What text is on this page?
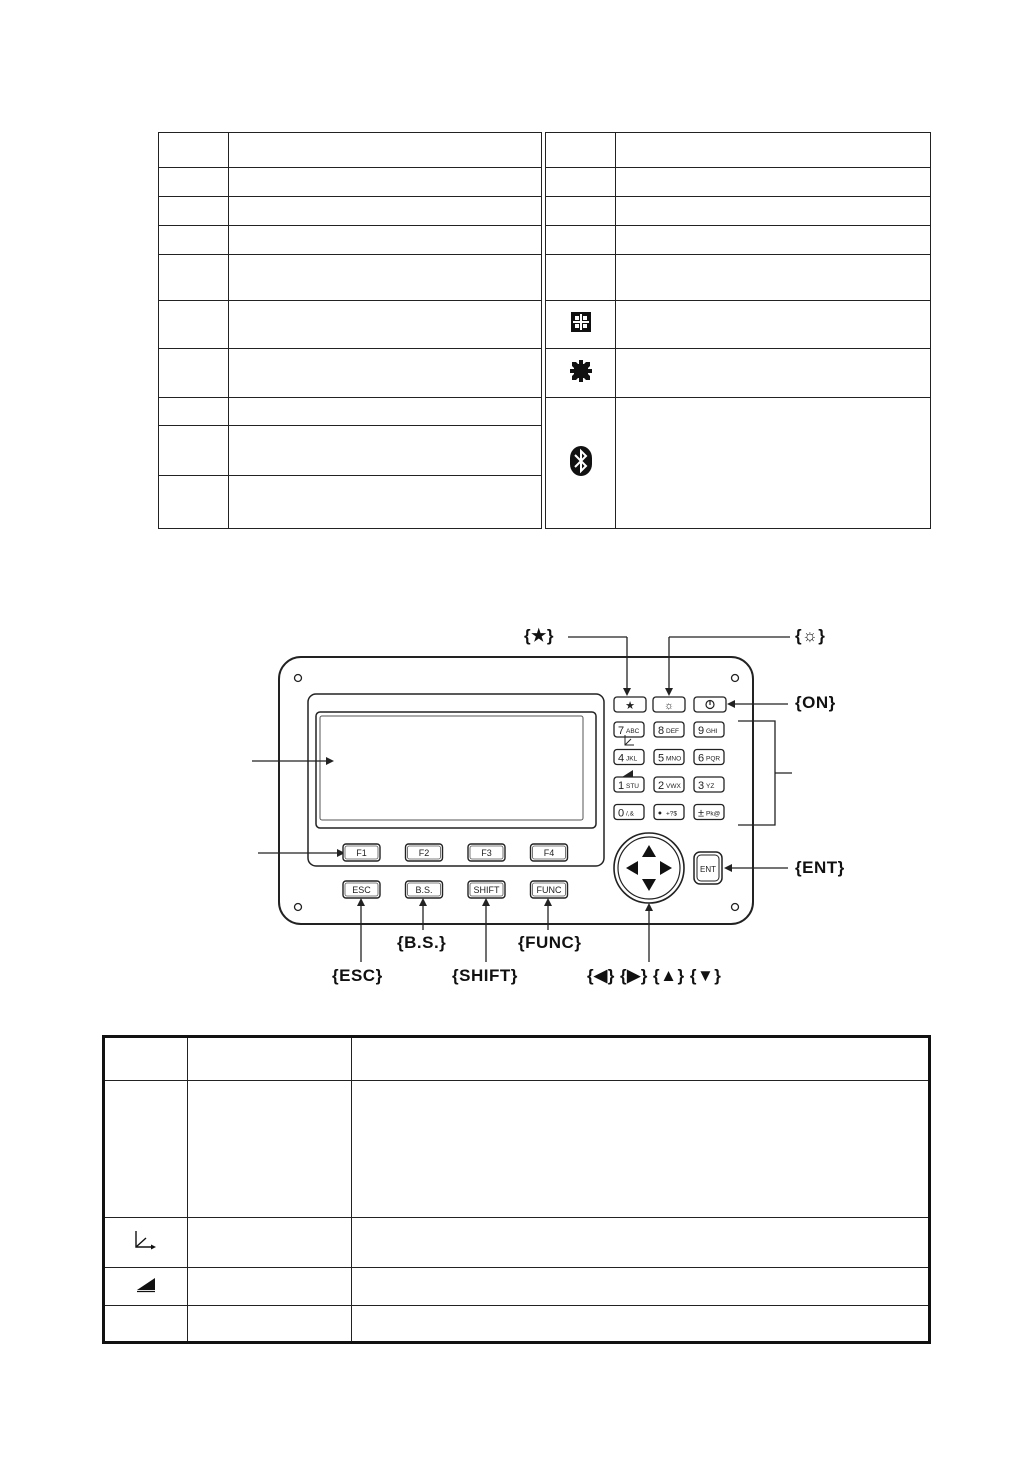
F1	F2	F3	F4
ESC	B.S.	SHIFT	FUNC
★	☼
7 ABC 8 DEF 9 GHI
4 JKL 5 MNO 6 PQR
1 STU 2 VWX 3 YZ
0 /,& • +?$ ± Pk@
ENT
{★}	{☼}
{ON}
{ENT}
{B.S.}	{FUNC}
{ESC}	{SHIFT}	{◀} {▶} {▲} {▼}
